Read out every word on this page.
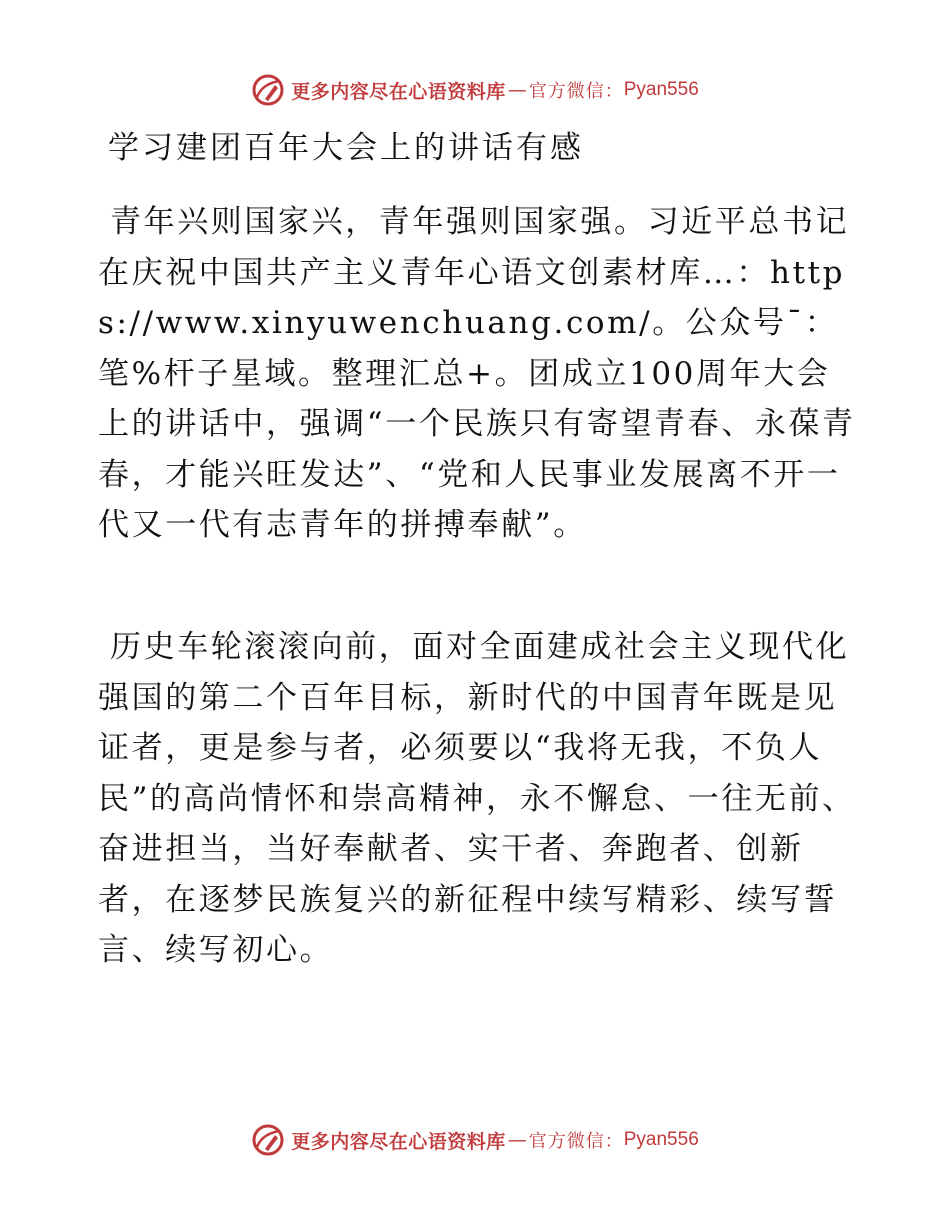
更多内容尽在心语资料库 — 官方微信： Pyan556
学习建团百年大会上的讲话有感

青年兴则国家兴，青年强则国家强。习近平总书记在庆祝中国共产主义青年心语文创素材库…：https://www.xinyuwenchuang.com/。公众号¯：笔%杆子星域。整理汇总+。团成立100周年大会上的讲话中，强调“一个民族只有寄望青春、永葆青春，才能兴旺发达”、“党和人民事业发展离不开一代又一代有志青年的拼搏奉献”。

历史车轮滚滚向前，面对全面建成社会主义现代化强国的第二个百年目标，新时代的中国青年既是见证者，更是参与者，必须要以“我将无我，不负人民”的高尚情怀和崇高精神，永不懈怠、一往无前、奋进担当，当好奉献者、实干者、奔跑者、创新者，在逐梦民族复兴的新征程中续写精彩、续写誓言、续写初心。

更多内容尽在心语资料库 — 官方微信： Pyan556
